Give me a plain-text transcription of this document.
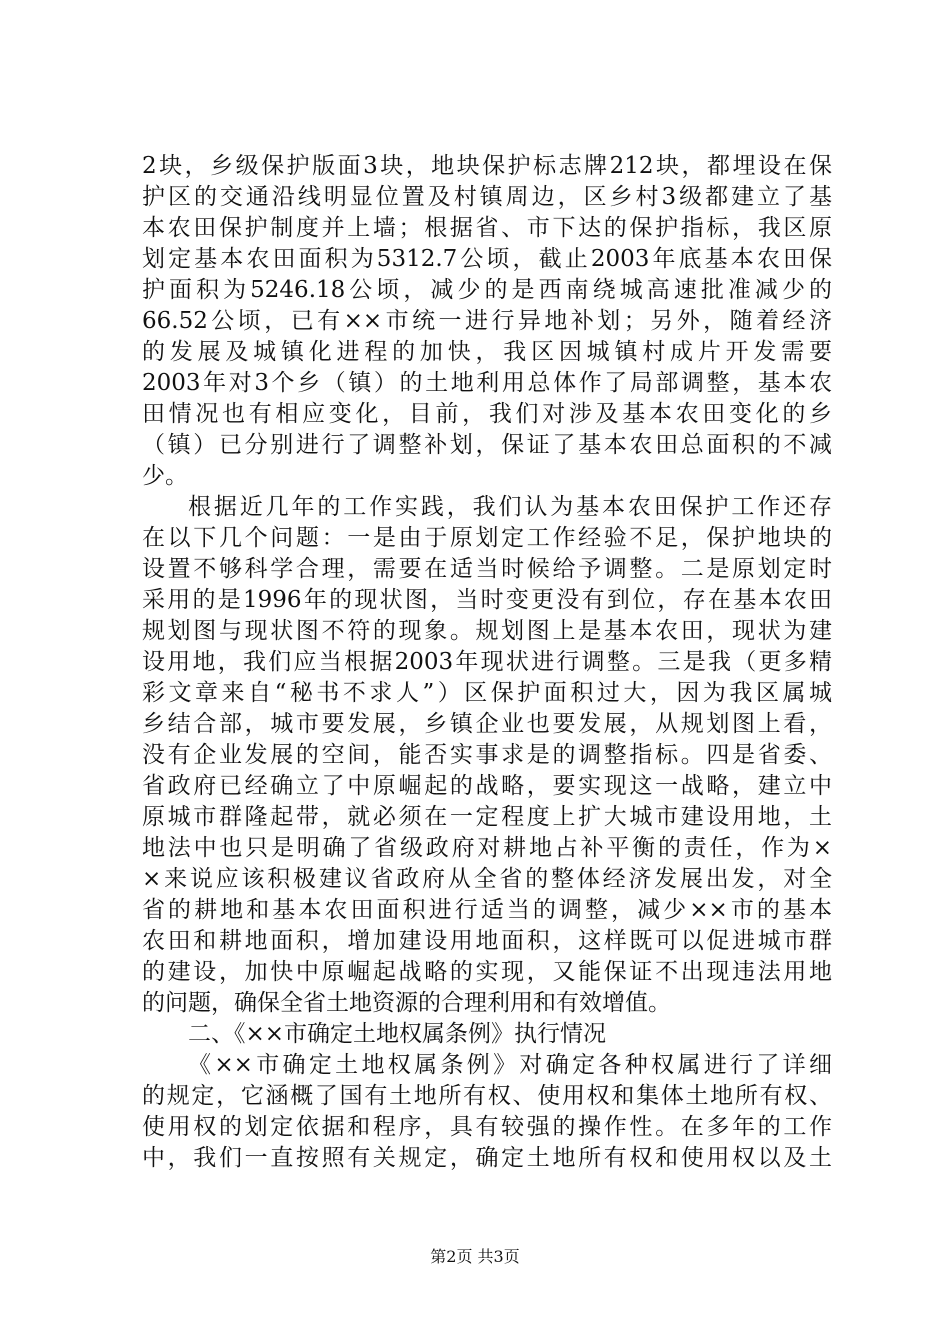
2块，乡级保护版面3块，地块保护标志牌212块，都埋设在保
护区的交通沿线明显位置及村镇周边，区乡村3级都建立了基
本农田保护制度并上墙；根据省、市下达的保护指标，我区原
划定基本农田面积为5312.7公顷，截止2003年底基本农田保
护面积为5246.18公顷，减少的是西南绕城高速批准减少的
66.52公顷，已有××市统一进行异地补划；另外，随着经济
的发展及城镇化进程的加快，我区因城镇村成片开发需要
2003年对3个乡（镇）的土地利用总体作了局部调整，基本农
田情况也有相应变化，目前，我们对涉及基本农田变化的乡
（镇）已分别进行了调整补划，保证了基本农田总面积的不减
少。
根据近几年的工作实践，我们认为基本农田保护工作还存
在以下几个问题：一是由于原划定工作经验不足，保护地块的
设置不够科学合理，需要在适当时候给予调整。二是原划定时
采用的是1996年的现状图，当时变更没有到位，存在基本农田
规划图与现状图不符的现象。规划图上是基本农田，现状为建
设用地，我们应当根据2003年现状进行调整。三是我（更多精
彩文章来自“秘书不求人”）区保护面积过大，因为我区属城
乡结合部，城市要发展，乡镇企业也要发展，从规划图上看，
没有企业发展的空间，能否实事求是的调整指标。四是省委、
省政府已经确立了中原崛起的战略，要实现这一战略，建立中
原城市群隆起带，就必须在一定程度上扩大城市建设用地，土
地法中也只是明确了省级政府对耕地占补平衡的责任，作为×
×来说应该积极建议省政府从全省的整体经济发展出发，对全
省的耕地和基本农田面积进行适当的调整，减少××市的基本
农田和耕地面积，增加建设用地面积，这样既可以促进城市群
的建设，加快中原崛起战略的实现，又能保证不出现违法用地
的问题，确保全省土地资源的合理利用和有效增值。
二、《××市确定土地权属条例》执行情况
《××市确定土地权属条例》对确定各种权属进行了详细
的规定，它涵概了国有土地所有权、使用权和集体土地所有权、
使用权的划定依据和程序，具有较强的操作性。在多年的工作
中，我们一直按照有关规定，确定土地所有权和使用权以及土
第2页 共3页
